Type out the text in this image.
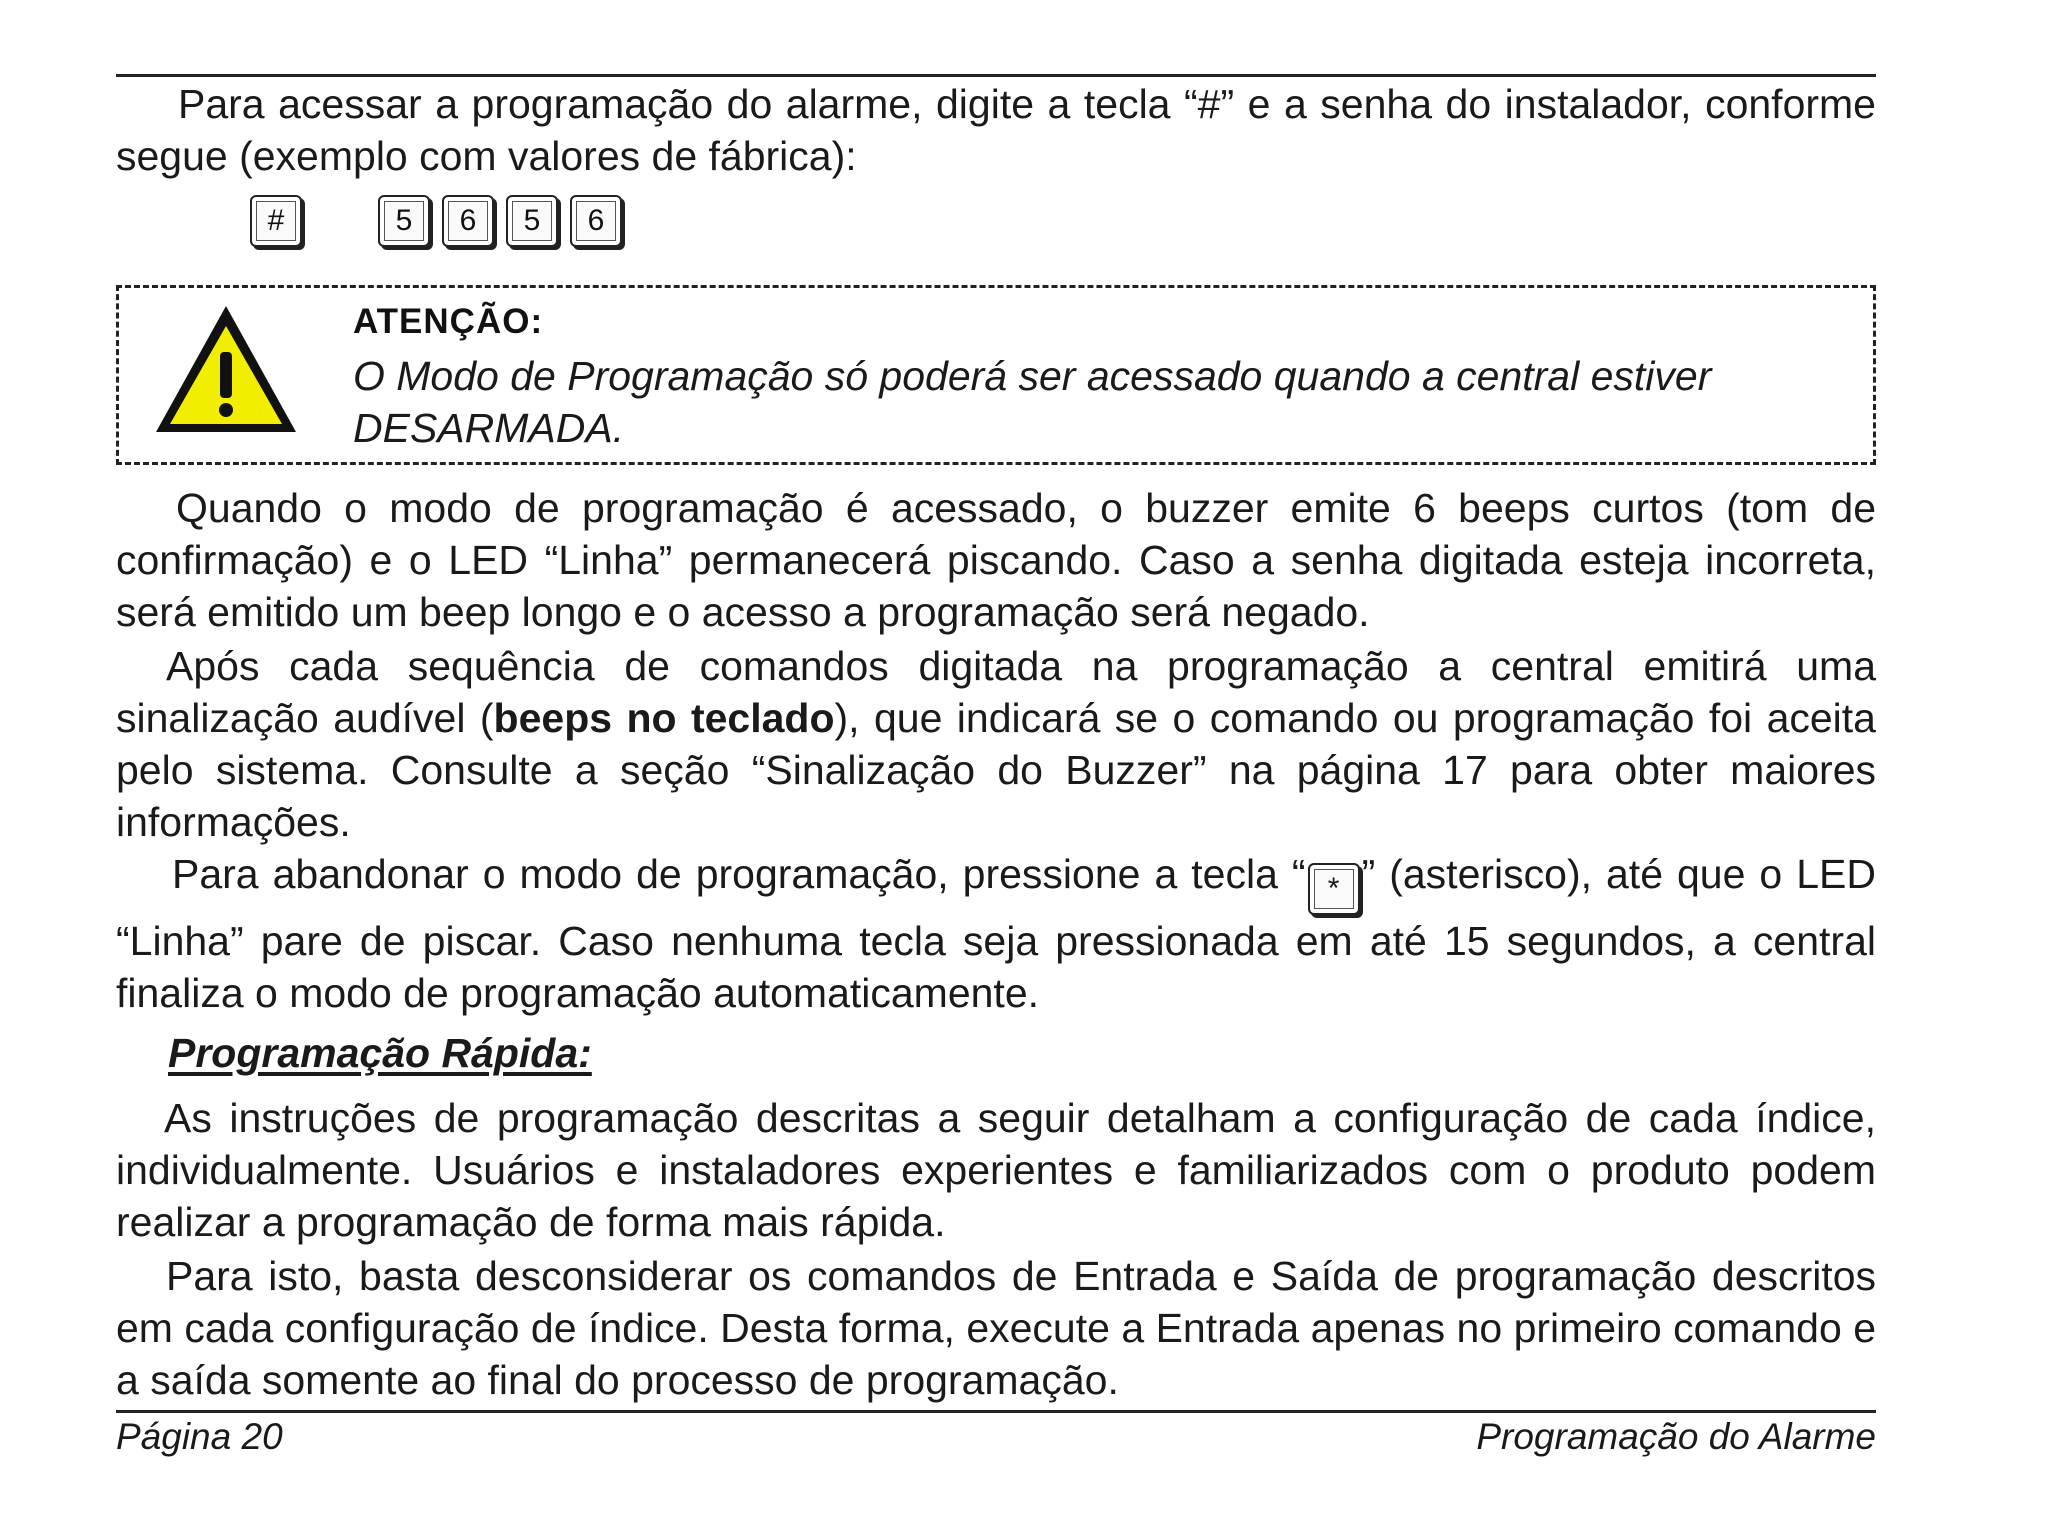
Para acessar a programação do alarme, digite a tecla “#” e a senha do instalador, conforme segue (exemplo com valores de fábrica):
#	5	6	5	6
ATENÇÃO:
O Modo de Programação só poderá ser acessado quando a central estiver DESARMADA.
Quando o modo de programação é acessado, o buzzer emite 6 beeps curtos (tom de confirmação) e o LED “Linha” permanecerá piscando. Caso a senha digitada esteja incorreta, será emitido um beep longo e o acesso a programação será negado.
Após cada sequência de comandos digitada na programação a central emitirá uma sinalização audível (beeps no teclado), que indicará se o comando ou programação foi aceita pelo sistema. Consulte a seção “Sinalização do Buzzer” na página 17 para obter maiores informações.
Para abandonar o modo de programação, pressione a tecla “ * ” (asterisco), até que o LED “Linha” pare de piscar. Caso nenhuma tecla seja pressionada em até 15 segundos, a central finaliza o modo de programação automaticamente.
Programação Rápida:
As instruções de programação descritas a seguir detalham a configuração de cada índice, individualmente. Usuários e instaladores experientes e familiarizados com o produto podem realizar a programação de forma mais rápida.
Para isto, basta desconsiderar os comandos de Entrada e Saída de programação descritos em cada configuração de índice. Desta forma, execute a Entrada apenas no primeiro comando e a saída somente ao final do processo de programação.
Página 20	Programação do Alarme
